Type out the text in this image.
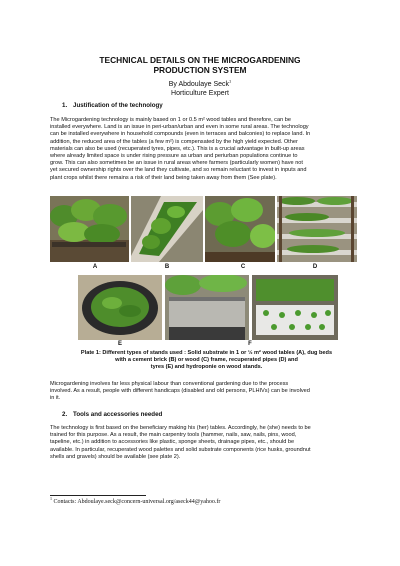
TECHNICAL DETAILS ON THE MICROGARDENING
PRODUCTION SYSTEM
By Abdoulaye Seck$^1$
Horticulture Expert
1. Justification of the technology
The Microgardening technology is mainly based on 1 or 0.5 m² wood tables and therefore, can be
installed everywhere. Land is an issue in peri-urban/urban and even in some rural areas. The technology
can be installed everywhere in household compounds (even in terraces and balconies) to replace land. In
addition, the reduced area of the tables (a few m²) is compensated by the high yield expected. Other
materials can also be used (recuperated tyres, pipes, etc.). This is a crucial advantage in built-up areas
where already limited space is under rising pressure as urban and periurban populations continue to
grow. This can also sometimes be an issue in rural areas where farmers (particularly women) have not
yet secured ownership rights over the land they cultivate, and so remain reluctant to invest in inputs and
plant crops whilst there remains a risk of their land being taken away from them (See plate).
A	B	C	D
E	F
Plate 1: Different types of stands used : Solid substrate in 1 or ½ m² wood tables (A), dug beds
with a cement brick (B) or wood (C) frame, recuperated pipes (D) and
tyres (E) and hydroponie on wood stands.
Microgardening involves far less physical labour than conventional gardening due to the process
involved. As a result, people with different handicaps (disabled and old persons, PLHIVs) can be involved
in it.
2. Tools and accessories needed
The technology is first based on the beneficiary making his (her) tables. Accordingly, he (she) needs to be
trained for this purpose. As a result, the main carpentry tools (hammer, nails, saw, nails, pins, wood,
tapeline, etc.) in addition to accessories like plastic, sponge sheets, drainage pipes, etc., should be
available. In particular, recuperated wood palettes and solid substrate components (rice husks, groundnut
shells and gravels) should be available (see plate 2).
$^1$ Contacts: Abdoulaye.seck@concern-universal.org/aseck44@yahoo.fr
